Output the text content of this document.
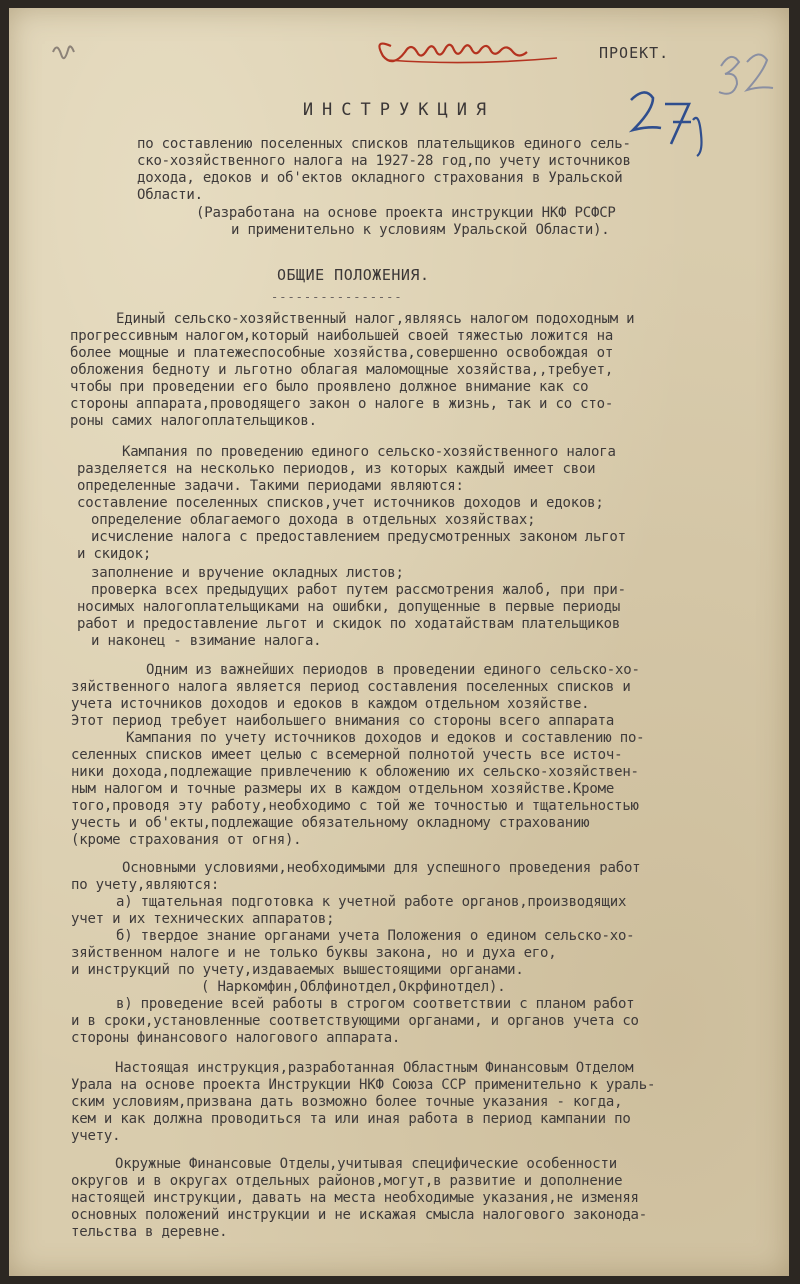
ПРОЕКТ.
ИНСТРУКЦИЯ
по составлению поселенных списков плательщиков единого сель-
ско-хозяйственного налога на 1927-28 год,по учету источников
дохода, едоков и об'ектов окладного страхования в Уральской
Области.
(Разработана на основе проекта инструкции НКФ РСФСР
и применительно к условиям Уральской Области).
ОБЩИЕ ПОЛОЖЕНИЯ.
----------------
Единый сельско-хозяйственный налог,являясь налогом подоходным и
прогрессивным налогом,который наибольшей своей тяжестью ложится на
более мощные и платежеспособные хозяйства,совершенно освобождая от
обложения бедноту и льготно облагая маломощные хозяйства,,требует,
чтобы при проведении его было проявлено должное внимание как со
стороны аппарата,проводящего закон о налоге в жизнь, так и со сто-
роны самих налогоплательщиков.
Кампания по проведению единого сельско-хозяйственного налога
разделяется на несколько периодов, из которых каждый имеет свои
определенные задачи. Такими периодами являются:
составление поселенных списков,учет источников доходов и едоков;
определение облагаемого дохода в отдельных хозяйствах;
исчисление налога с предоставлением предусмотренных законом льгот
и скидок;
заполнение и вручение окладных листов;
проверка всех предыдущих работ путем рассмотрения жалоб, при при-
носимых налогоплательщиками на ошибки, допущенные в первые периоды
работ и предоставление льгот и скидок по ходатайствам плательщиков
и наконец - взимание налога.
Одним из важнейших периодов в проведении единого сельско-хо-
зяйственного налога является период составления поселенных списков и
учета источников доходов и едоков в каждом отдельном хозяйстве.
Этот период требует наибольшего внимания со стороны всего аппарата
Кампания по учету источников доходов и едоков и составлению по-
селенных списков имеет целью с всемерной полнотой учесть все источ-
ники дохода,подлежащие привлечению к обложению их сельско-хозяйствен-
ным налогом и точные размеры их в каждом отдельном хозяйстве.Кроме
того,проводя эту работу,необходимо с той же точностью и тщательностью
учесть и об'екты,подлежащие обязательному окладному страхованию
(кроме страхования от огня).
Основными условиями,необходимыми для успешного проведения работ
по учету,являются:
а) тщательная подготовка к учетной работе органов,производящих
учет и их технических аппаратов;
б) твердое знание органами учета Положения о едином сельско-хо-
зяйственном налоге и не только буквы закона, но и духа его,
и инструкций по учету,издаваемых вышестоящими органами.
( Наркомфин,Облфинотдел,Окрфинотдел).
в) проведение всей работы в строгом соответствии с планом работ
и в сроки,установленные соответствующими органами, и органов учета со
стороны финансового налогового аппарата.
Настоящая инструкция,разработанная Областным Финансовым Отделом
Урала на основе проекта Инструкции НКФ Союза ССР применительно к ураль-
ским условиям,призвана дать возможно более точные указания - когда,
кем и как должна проводиться та или иная работа в период кампании по
учету.
Окружные Финансовые Отделы,учитывая специфические особенности
округов и в округах отдельных районов,могут,в развитие и дополнение
настоящей инструкции, давать на места необходимые указания,не изменяя
основных положений инструкции и не искажая смысла налогового законода-
тельства в деревне.
